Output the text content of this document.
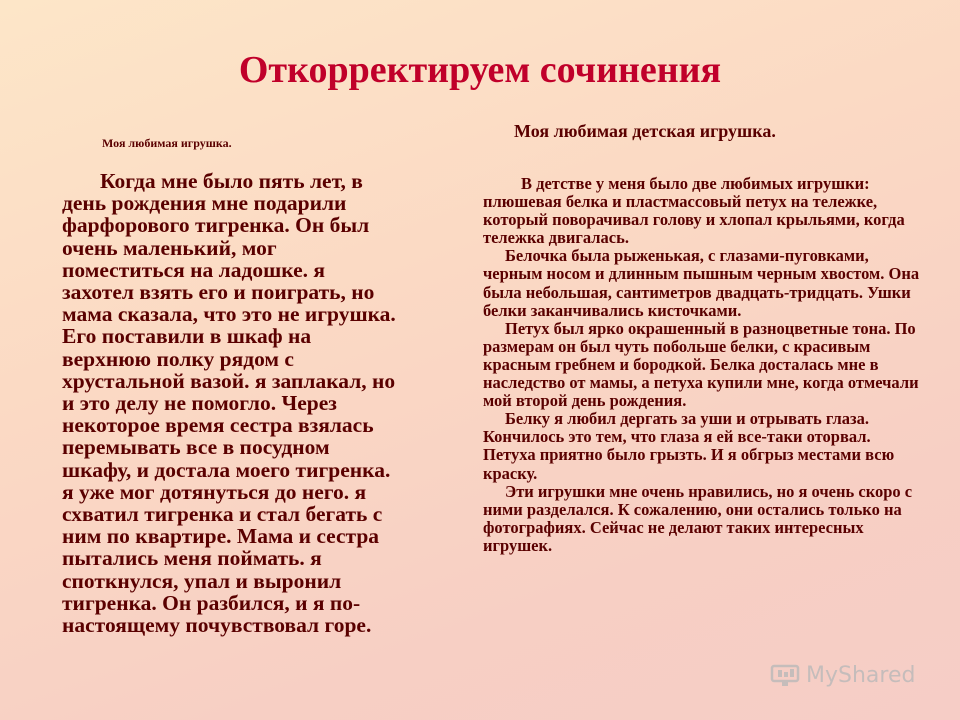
Откорректируем сочинения
Моя любимая игрушка.

Когда мне было пять лет, в день рождения мне подарили фарфорового тигренка. Он был очень маленький, мог поместиться на ладошке. я захотел взять его и поиграть, но мама сказала, что это не игрушка. Его поставили в шкаф на верхнюю полку рядом с хрустальной вазой. я заплакал, но и это делу не помогло. Через некоторое время сестра взялась перемывать все в посудном шкафу, и достала моего тигренка. я уже мог дотянуться до него. я схватил тигренка и стал бегать с ним по квартире. Мама и сестра пытались меня поймать. я споткнулся, упал и выронил тигренка. Он разбился, и я по-настоящему почувствовал горе.

Моя любимая детская игрушка.

В детстве у меня было две любимых игрушки: плюшевая белка и пластмассовый петух на тележке, который поворачивал голову и хлопал крыльями, когда тележка двигалась.

Белочка была рыженькая, с глазами-пуговками, черным носом и длинным пышным черным хвостом. Она была небольшая, сантиметров двадцать-тридцать. Ушки белки заканчивались кисточками.

Петух был ярко окрашенный в разноцветные тона. По размерам он был чуть побольше белки, с красивым красным гребнем и бородкой. Белка досталась мне в наследство от мамы, а петуха купили мне, когда отмечали мой второй день рождения.

Белку я любил дергать за уши и отрывать глаза. Кончилось это тем, что глаза я ей все-таки оторвал. Петуха приятно было грызть. И я обгрыз местами всю краску.

Эти игрушки мне очень нравились, но я очень скоро с ними разделался. К сожалению, они остались только на фотографиях. Сейчас не делают таких интересных игрушек.

MyShared
